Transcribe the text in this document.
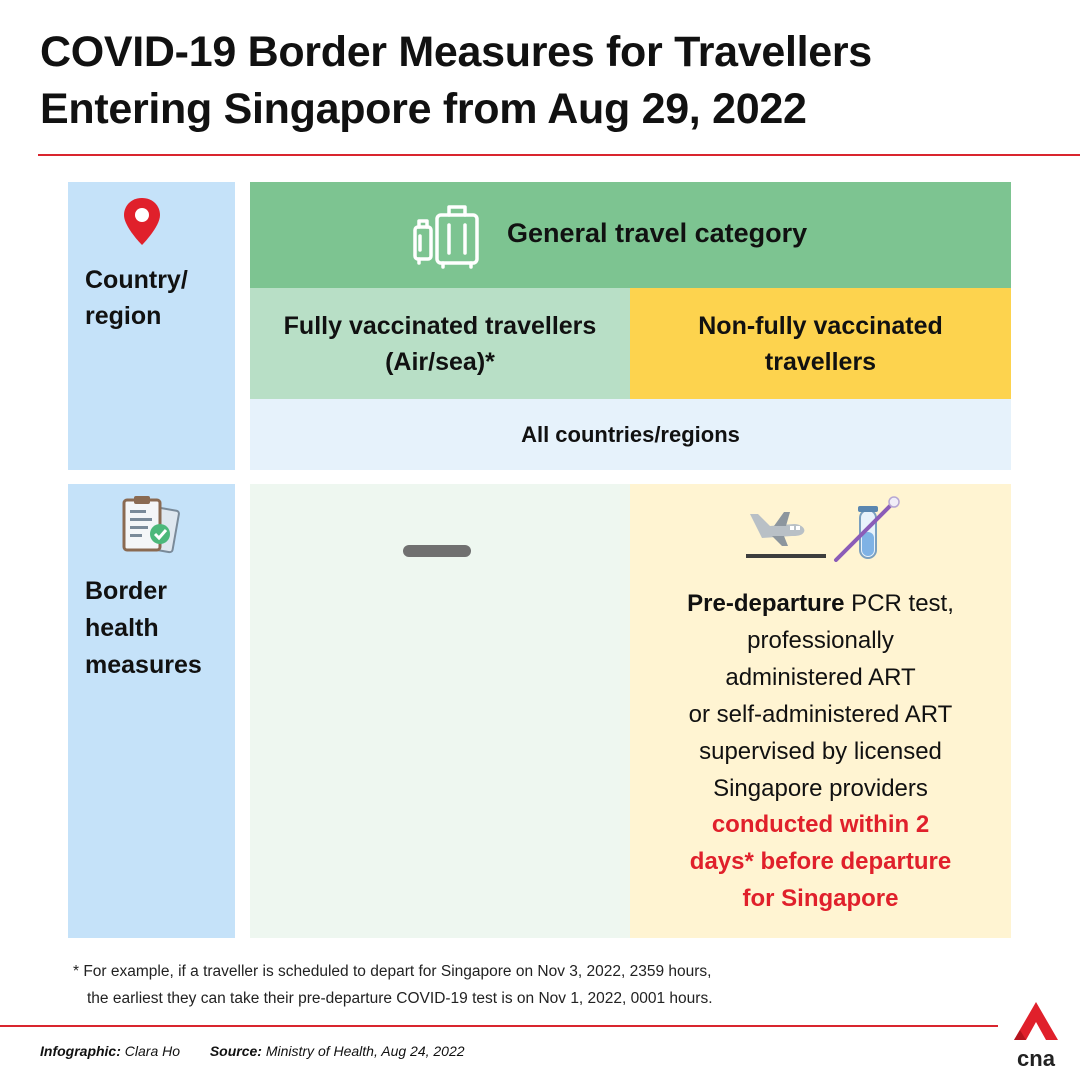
COVID-19 Border Measures for Travellers
Entering Singapore from Aug 29, 2022
Country/
region
Border
health
measures
General travel category
Fully vaccinated travellers
(Air/sea)*
Non-fully vaccinated
travellers
All countries/regions
Pre-departure PCR test,
professionally
administered ART
or self-administered ART
supervised by licensed
Singapore providers
conducted within 2
days* before departure
for Singapore
* For example, if a traveller is scheduled to depart for Singapore on Nov 3, 2022, 2359 hours,
the earliest they can take their pre-departure COVID-19 test is on Nov 1, 2022, 0001 hours.
Infographic: Clara Ho Source: Ministry of Health, Aug 24, 2022	cna
